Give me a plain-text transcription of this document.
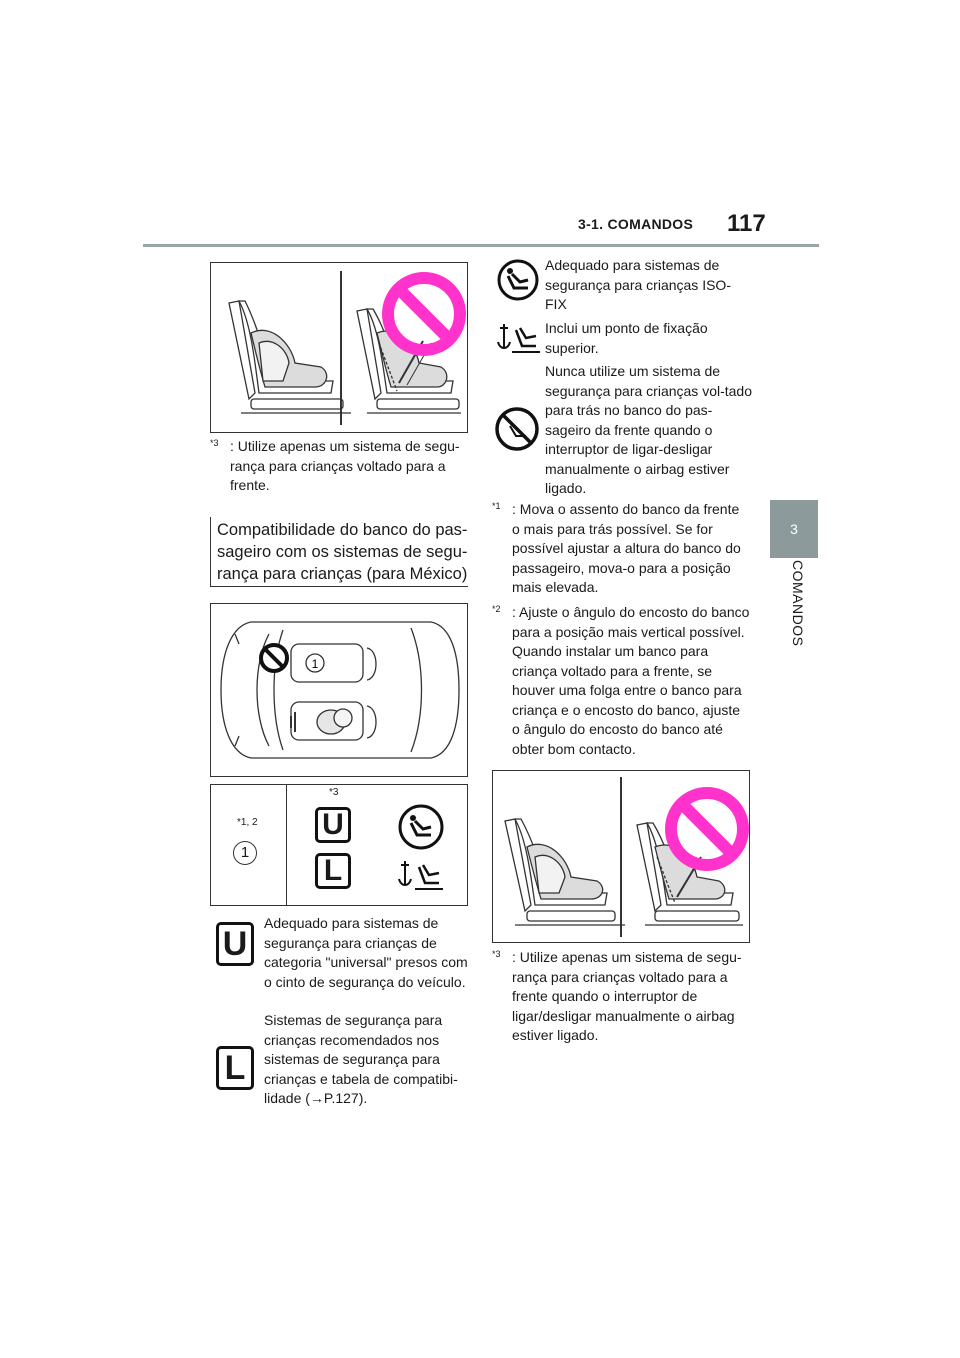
3-1. COMANDOS 117
3
COMANDOS
$^{*3}$ : Utilize apenas um sistema de segu-rança para crianças voltado para a frente.
Compatibilidade do banco do pas-sageiro com os sistemas de segu-rança para crianças (para México)
1
*1, 2
1
*3
U
L
U
Adequado para sistemas de segurança para crianças de categoria "universal" presos com o cinto de segurança do veículo.
L
Sistemas de segurança para crianças recomendados nos sistemas de segurança para crianças e tabela de compatibi-lidade (→P.127).
Adequado para sistemas de segurança para crianças ISO-FIX
Inclui um ponto de fixação superior.
Nunca utilize um sistema de segurança para crianças vol-tado para trás no banco do pas-sageiro da frente quando o interruptor de ligar-desligar manualmente o airbag estiver ligado.
$^{*1}$ : Mova o assento do banco da frente o mais para trás possível. Se for possível ajustar a altura do banco do passageiro, mova-o para a posição mais elevada.
$^{*2}$ : Ajuste o ângulo do encosto do banco para a posição mais vertical possível. Quando instalar um banco para criança voltado para a frente, se houver uma folga entre o banco para criança e o encosto do banco, ajuste o ângulo do encosto do banco até obter bom contacto.
$^{*3}$ : Utilize apenas um sistema de segu-rança para crianças voltado para a frente quando o interruptor de ligar/desligar manualmente o airbag estiver ligado.
